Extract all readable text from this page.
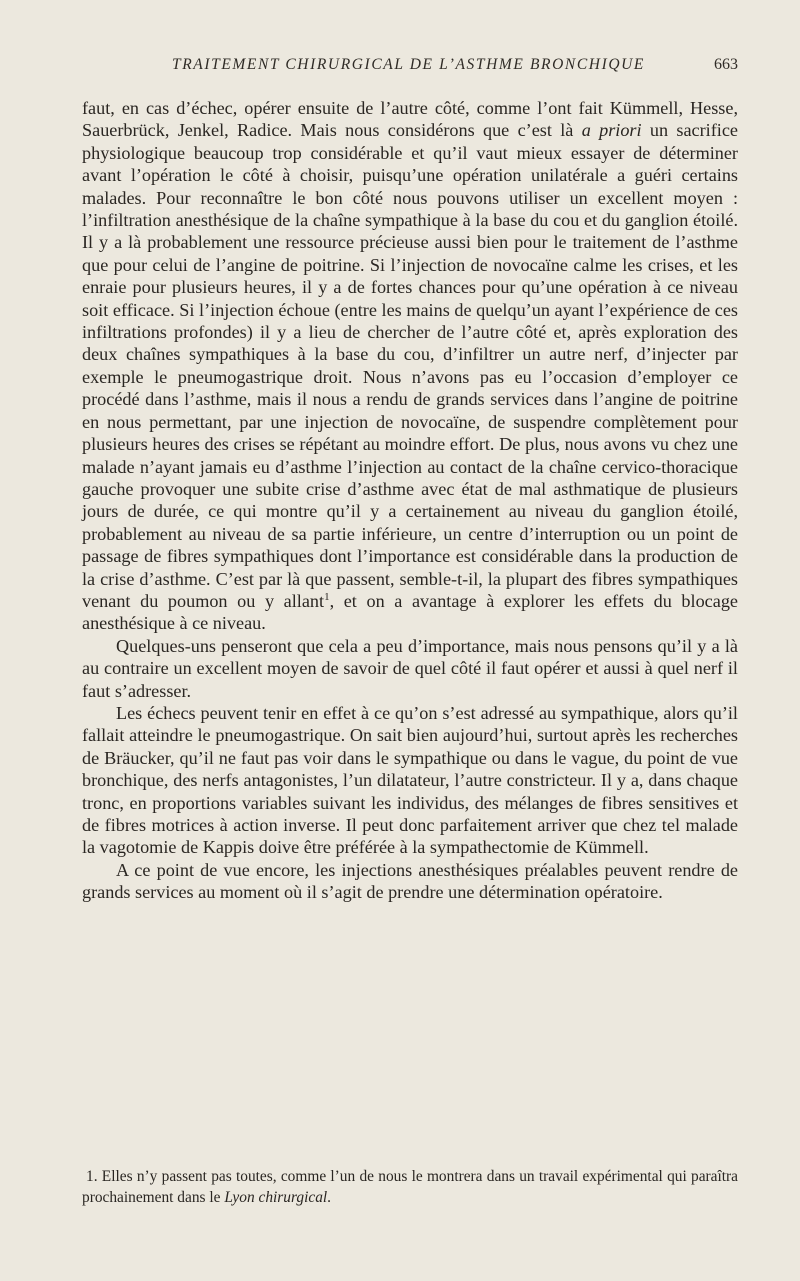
TRAITEMENT CHIRURGICAL DE L’ASTHME BRONCHIQUE	663

faut, en cas d’échec, opérer ensuite de l’autre côté, comme l’ont fait Kümmell, Hesse, Sauerbrück, Jenkel, Radice. Mais nous considérons que c’est là a priori un sacrifice physiologique beaucoup trop considérable et qu’il vaut mieux essayer de déterminer avant l’opération le côté à choisir, puisqu’une opération unilatérale a guéri certains malades. Pour reconnaître le bon côté nous pouvons utiliser un excellent moyen : l’infiltration anesthésique de la chaîne sympathique à la base du cou et du ganglion étoilé. Il y a là probablement une ressource précieuse aussi bien pour le traitement de l’asthme que pour celui de l’angine de poitrine. Si l’injection de novocaïne calme les crises, et les enraie pour plusieurs heures, il y a de fortes chances pour qu’une opération à ce niveau soit efficace. Si l’injection échoue (entre les mains de quelqu’un ayant l’expérience de ces infiltrations profondes) il y a lieu de chercher de l’autre côté et, après exploration des deux chaînes sympathiques à la base du cou, d’infiltrer un autre nerf, d’injecter par exemple le pneumogastrique droit. Nous n’avons pas eu l’occasion d’employer ce procédé dans l’asthme, mais il nous a rendu de grands services dans l’angine de poitrine en nous permettant, par une injection de novocaïne, de suspendre complètement pour plusieurs heures des crises se répétant au moindre effort. De plus, nous avons vu chez une malade n’ayant jamais eu d’asthme l’injection au contact de la chaîne cervico-thoracique gauche provoquer une subite crise d’asthme avec état de mal asthmatique de plusieurs jours de durée, ce qui montre qu’il y a certainement au niveau du ganglion étoilé, probablement au niveau de sa partie inférieure, un centre d’interruption ou un point de passage de fibres sympathiques dont l’importance est considérable dans la production de la crise d’asthme. C’est par là que passent, semble-t-il, la plupart des fibres sympathiques venant du poumon ou y allant$^1$, et on a avantage à explorer les effets du blocage anesthésique à ce niveau.

Quelques-uns penseront que cela a peu d’importance, mais nous pensons qu’il y a là au contraire un excellent moyen de savoir de quel côté il faut opérer et aussi à quel nerf il faut s’adresser.

Les échecs peuvent tenir en effet à ce qu’on s’est adressé au sympathique, alors qu’il fallait atteindre le pneumogastrique. On sait bien aujourd’hui, surtout après les recherches de Bräucker, qu’il ne faut pas voir dans le sympathique ou dans le vague, du point de vue bronchique, des nerfs antagonistes, l’un dilatateur, l’autre constricteur. Il y a, dans chaque tronc, en proportions variables suivant les individus, des mélanges de fibres sensitives et de fibres motrices à action inverse. Il peut donc parfaitement arriver que chez tel malade la vagotomie de Kappis doive être préférée à la sympathectomie de Kümmell.

A ce point de vue encore, les injections anesthésiques préalables peuvent rendre de grands services au moment où il s’agit de prendre une détermination opératoire.

1. Elles n’y passent pas toutes, comme l’un de nous le montrera dans un travail expérimental qui paraîtra prochainement dans le Lyon chirurgical.
